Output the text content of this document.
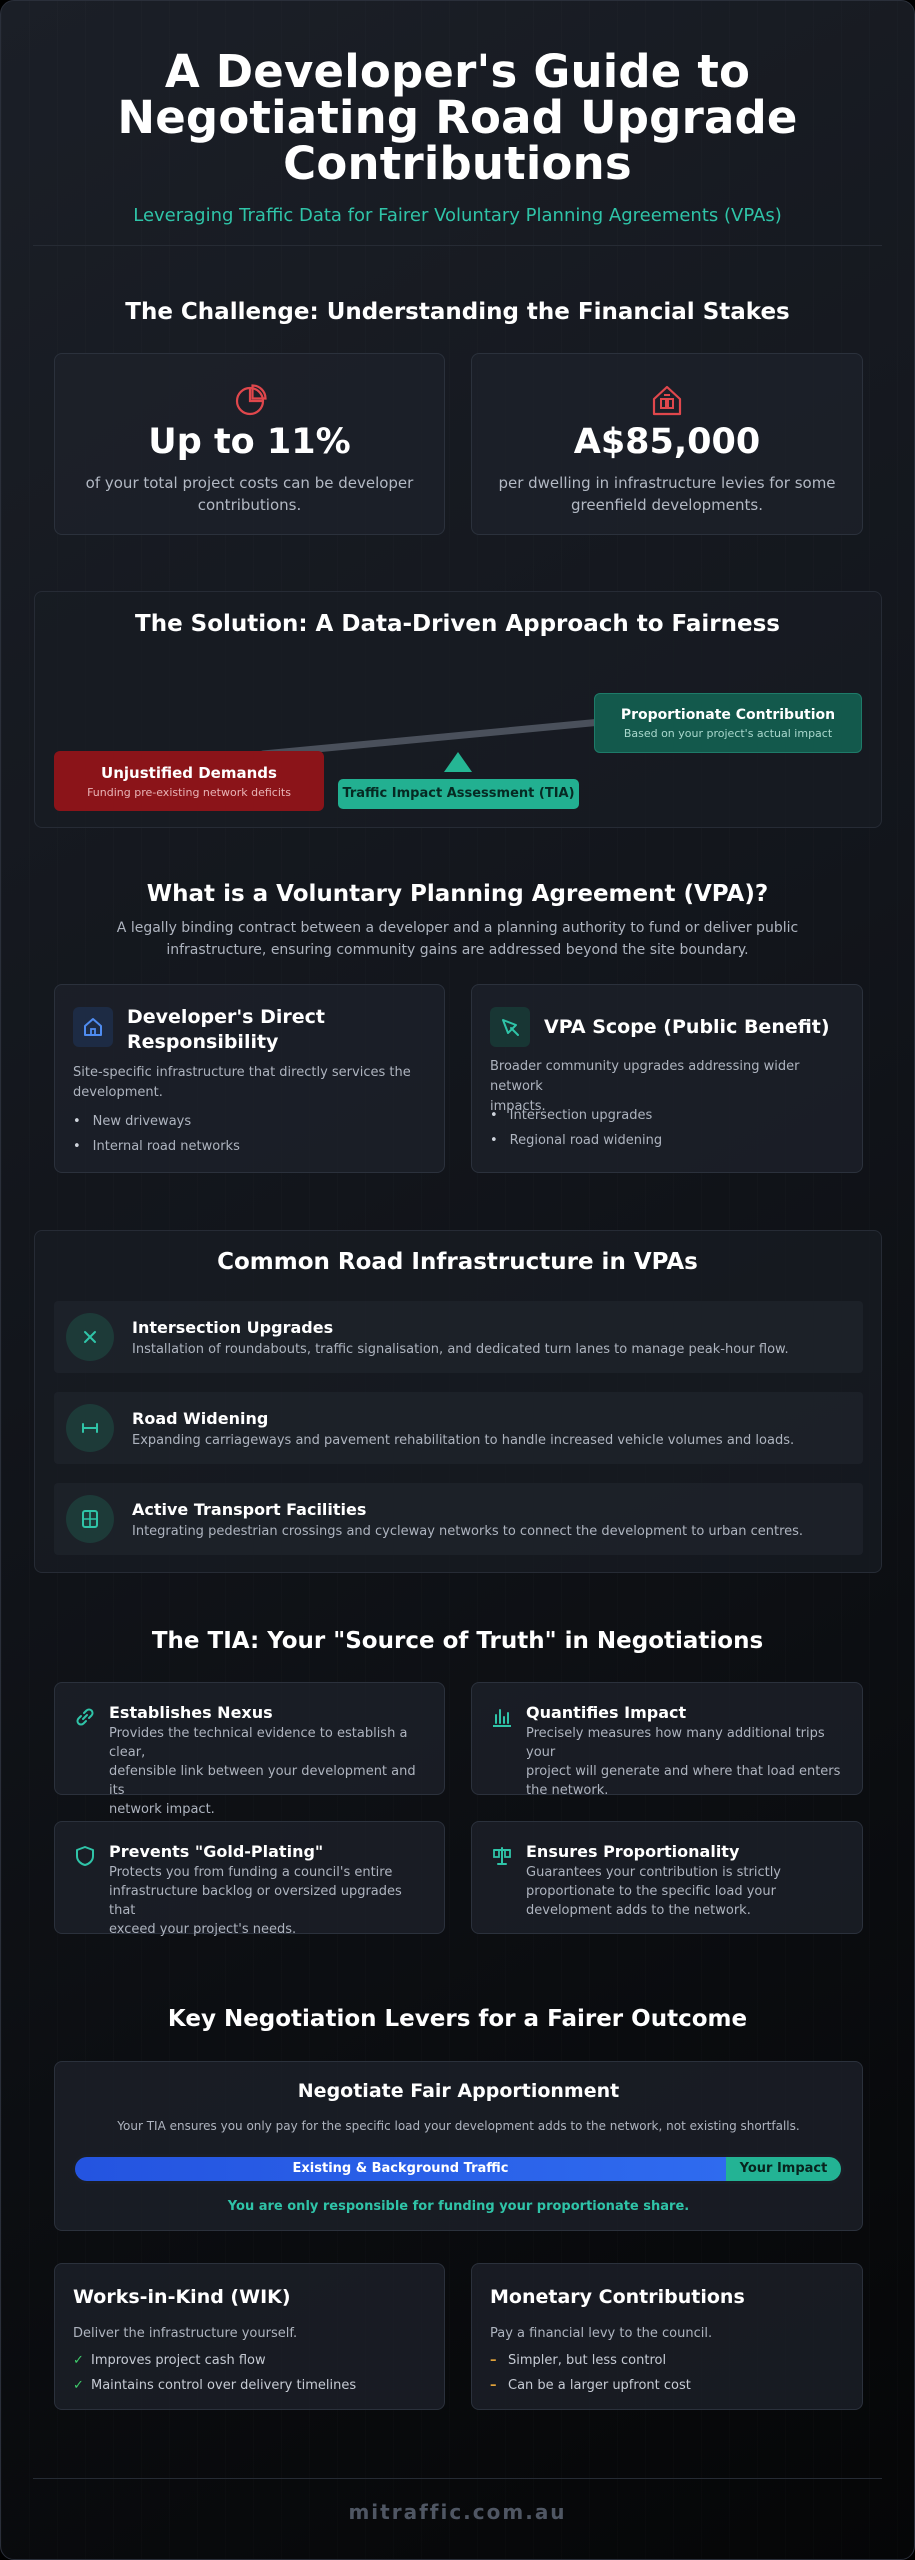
A Developer's Guide to
Negotiating Road Upgrade
Contributions
Leveraging Traffic Data for Fairer Voluntary Planning Agreements (VPAs)
The Challenge: Understanding the Financial Stakes
Up to 11%
of your total project costs can be developer contributions.
A$85,000
per dwelling in infrastructure levies for some greenfield developments.
The Solution: A Data-Driven Approach to Fairness
Unjustified Demands
Funding pre-existing network deficits
Proportionate Contribution
Based on your project's actual impact
Traffic Impact Assessment (TIA)
What is a Voluntary Planning Agreement (VPA)?
A legally binding contract between a developer and a planning authority to fund or deliver public
infrastructure, ensuring community gains are addressed beyond the site boundary.
Developer's Direct
Responsibility
Site-specific infrastructure that directly services the
development.
• New driveways
• Internal road networks
VPA Scope (Public Benefit)
Broader community upgrades addressing wider network
impacts.
• Intersection upgrades
• Regional road widening
Common Road Infrastructure in VPAs
Intersection Upgrades
Installation of roundabouts, traffic signalisation, and dedicated turn lanes to manage peak-hour flow.
Road Widening
Expanding carriageways and pavement rehabilitation to handle increased vehicle volumes and loads.
Active Transport Facilities
Integrating pedestrian crossings and cycleway networks to connect the development to urban centres.
The TIA: Your "Source of Truth" in Negotiations
Establishes Nexus
Provides the technical evidence to establish a clear,
defensible link between your development and its
network impact.
Quantifies Impact
Precisely measures how many additional trips your
project will generate and where that load enters
the network.
Prevents "Gold-Plating"
Protects you from funding a council's entire
infrastructure backlog or oversized upgrades that
exceed your project's needs.
Ensures Proportionality
Guarantees your contribution is strictly
proportionate to the specific load your
development adds to the network.
Key Negotiation Levers for a Fairer Outcome
Negotiate Fair Apportionment
Your TIA ensures you only pay for the specific load your development adds to the network, not existing shortfalls.
You are only responsible for funding your proportionate share.
Existing & Background Traffic	Your Impact
Works-in-Kind (WIK)
Deliver the infrastructure yourself.
✓ Improves project cash flow
✓ Maintains control over delivery timelines
Monetary Contributions
Pay a financial levy to the council.
– Simpler, but less control
– Can be a larger upfront cost
mitraffic.com.au
